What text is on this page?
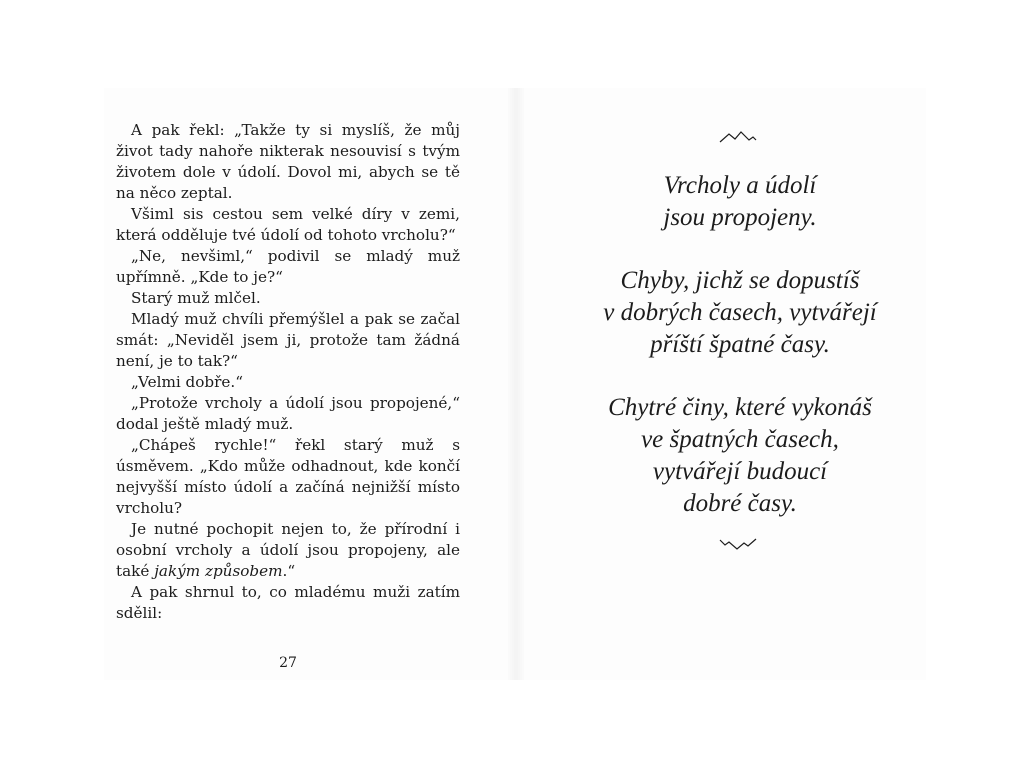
A pak řekl: „Takže ty si myslíš, že můj život tady nahoře nikterak nesouvisí s tvým životem dole v údolí. Dovol mi, abych se tě na něco zeptal.

Všiml sis cestou sem velké díry v zemi, která odděluje tvé údolí od tohoto vrcholu?“

„Ne, nevšiml,“ podivil se mladý muž upřímně. „Kde to je?“

Starý muž mlčel.

Mladý muž chvíli přemýšlel a pak se začal smát: „Neviděl jsem ji, protože tam žádná není, je to tak?“

„Velmi dobře.“

„Protože vrcholy a údolí jsou propojené,“ dodal ještě mladý muž.

„Chápeš rychle!“ řekl starý muž s úsměvem. „Kdo může odhadnout, kde končí nejvyšší místo údolí a začíná nejnižší místo vrcholu?

Je nutné pochopit nejen to, že přírodní i osobní vrcholy a údolí jsou propojeny, ale také jakým způsobem.“

A pak shrnul to, co mladému muži zatím sdělil:

27
Vrcholy a údolí
jsou propojeny.
Chyby, jichž se dopustíš
v dobrých časech, vytvářejí
příští špatné časy.
Chytré činy, které vykonáš
ve špatných časech,
vytvářejí budoucí
dobré časy.
